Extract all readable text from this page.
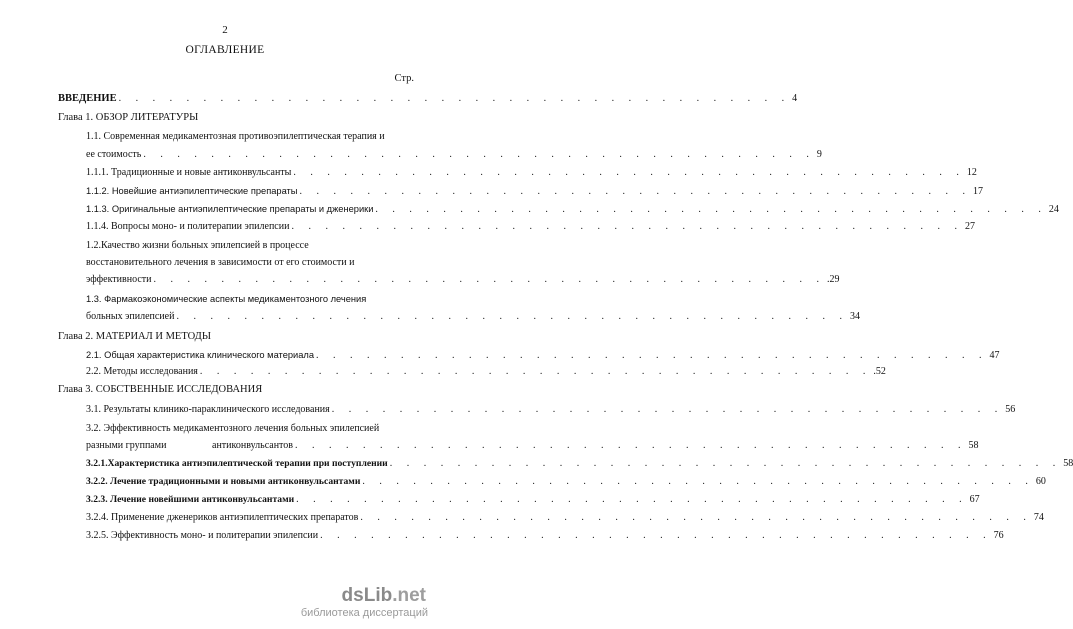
2
ОГЛАВЛЕНИЕ
Стр.
ВВЕДЕНИЕ . . . . . . . . . . . . . . . . . . . . . . . . . . . . . . . . . . . . . . . . 4
Глава 1. ОБЗОР ЛИТЕРАТУРЫ
1.1. Современная медикаментозная противоэпилептическая терапия и
ее стоимость . . . . . . . . . . . . . . . . . . . . . . . . . . . . . . . . . . . . . . . . 9
1.1.1. Традиционные и новые антиконвульсанты . . . . . . . . . . . . . . . . . . . . . . . . . . . . . . . . . . . . . . . . 12
1.1.2. Новейшие антиэпилептические препараты . . . . . . . . . . . . . . . . . . . . . . . . . . . . . . . . . . . . . . . . 17
1.1.3. Оригинальные антиэпилептические препараты и дженерики . . . . . . . . . . . . . . . . . . . . . . . . . . . . . . . . . . . . . . . . 24
1.1.4. Вопросы моно- и политерапии эпилепсии . . . . . . . . . . . . . . . . . . . . . . . . . . . . . . . . . . . . . . . . 27
1.2.Качество жизни больных эпилепсией в процессе
восстановительного лечения в зависимости от его стоимости и
эффективности . . . . . . . . . . . . . . . . . . . . . . . . . . . . . . . . . . . . . . . . .29
1.3. Фармакоэкономические аспекты медикаментозного лечения
больных эпилепсией . . . . . . . . . . . . . . . . . . . . . . . . . . . . . . . . . . . . . . . . 34
Глава 2. МАТЕРИАЛ И МЕТОДЫ
2.1. Общая характеристика клинического материала . . . . . . . . . . . . . . . . . . . . . . . . . . . . . . . . . . . . . . . . 47
2.2. Методы исследования . . . . . . . . . . . . . . . . . . . . . . . . . . . . . . . . . . . . . . . . .52
Глава 3. СОБСТВЕННЫЕ ИССЛЕДОВАНИЯ
3.1. Результаты клинико-параклинического исследования . . . . . . . . . . . . . . . . . . . . . . . . . . . . . . . . . . . . . . . . 56
3.2. Эффективность медикаментозного лечения больных эпилепсией
разными группами	антиконвульсантов . . . . . . . . . . . . . . . . . . . . . . . . . . . . . . . . . . . . . . . . 58
3.2.1.Характеристика антиэпилептической терапии при поступлении . . . . . . . . . . . . . . . . . . . . . . . . . . . . . . . . . . . . . . . . 58
3.2.2. Лечение традиционными и новыми антиконвульсантами . . . . . . . . . . . . . . . . . . . . . . . . . . . . . . . . . . . . . . . . 60
3.2.3. Лечение новейшими антиконвульсантами . . . . . . . . . . . . . . . . . . . . . . . . . . . . . . . . . . . . . . . . 67
3.2.4. Применение дженериков антиэпилептических препаратов . . . . . . . . . . . . . . . . . . . . . . . . . . . . . . . . . . . . . . . . 74
3.2.5. Эффективность моно- и политерапии эпилепсии . . . . . . . . . . . . . . . . . . . . . . . . . . . . . . . . . . . . . . . . 76
dsLib.net
библиотека диссертаций
